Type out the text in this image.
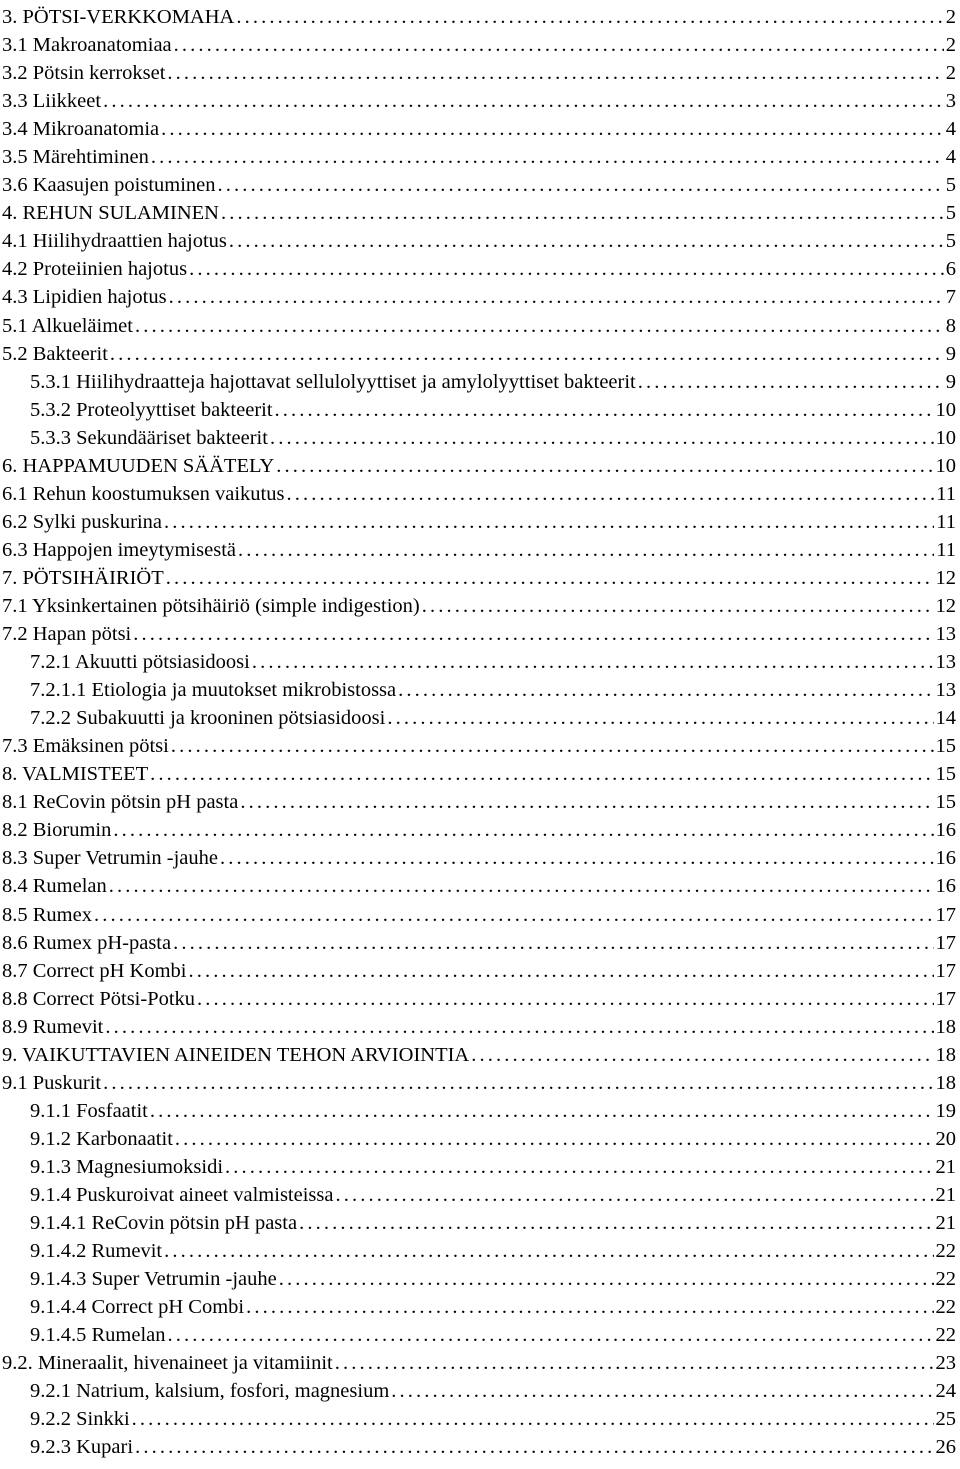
3. PÖTSI-VERKKOMAHA . . .	2
3.1 Makroanatomiaa . . .	2
3.2 Pötsin kerrokset . . .	2
3.3 Liikkeet . . .	3
3.4 Mikroanatomia . . .	4
3.5 Märehtiminen . . .	4
3.6 Kaasujen poistuminen . . .	5
4. REHUN SULAMINEN . . .	5
4.1 Hiilihydraattien hajotus . . .	5
4.2 Proteiinien hajotus . . .	6
4.3 Lipidien hajotus . . .	7
5.1 Alkueläimet . . .	8
5.2 Bakteerit . . .	9
5.3.1 Hiilihydraatteja hajottavat sellulolyyttiset ja amylolyyttiset bakteerit . . .	9
5.3.2 Proteolyyttiset bakteerit . . .	10
5.3.3 Sekundääriset bakteerit . . .	10
6. HAPPAMUUDEN SÄÄTELY . . .	10
6.1 Rehun koostumuksen vaikutus . . .	11
6.2 Sylki puskurina . . .	11
6.3 Happojen imeytymisestä . . .	11
7. PÖTSIHÄIRIÖT . . .	12
7.1 Yksinkertainen pötsihäiriö (simple indigestion) . . .	12
7.2 Hapan pötsi . . .	13
7.2.1 Akuutti pötsiasidoosi . . .	13
7.2.1.1 Etiologia ja muutokset mikrobistossa . . .	13
7.2.2 Subakuutti ja krooninen pötsiasidoosi . . .	14
7.3 Emäksinen pötsi . . .	15
8. VALMISTEET . . .	15
8.1 ReCovin pötsin pH pasta . . .	15
8.2 Biorumin . . .	16
8.3 Super Vetrumin -jauhe . . .	16
8.4 Rumelan . . .	16
8.5 Rumex . . .	17
8.6 Rumex pH-pasta . . .	17
8.7 Correct pH Kombi . . .	17
8.8 Correct Pötsi-Potku . . .	17
8.9 Rumevit . . .	18
9. VAIKUTTAVIEN AINEIDEN TEHON ARVIOINTIA . . .	18
9.1 Puskurit . . .	18
9.1.1 Fosfaatit . . .	19
9.1.2 Karbonaatit . . .	20
9.1.3 Magnesiumoksidi . . .	21
9.1.4 Puskuroivat aineet valmisteissa . . .	21
9.1.4.1 ReCovin pötsin pH pasta . . .	21
9.1.4.2 Rumevit . . .	22
9.1.4.3 Super Vetrumin -jauhe . . .	22
9.1.4.4 Correct pH Combi . . .	22
9.1.4.5 Rumelan . . .	22
9.2. Mineraalit, hivenaineet ja vitamiinit . . .	23
9.2.1 Natrium, kalsium, fosfori, magnesium . . .	24
9.2.2 Sinkki . . .	25
9.2.3 Kupari . . .	26
